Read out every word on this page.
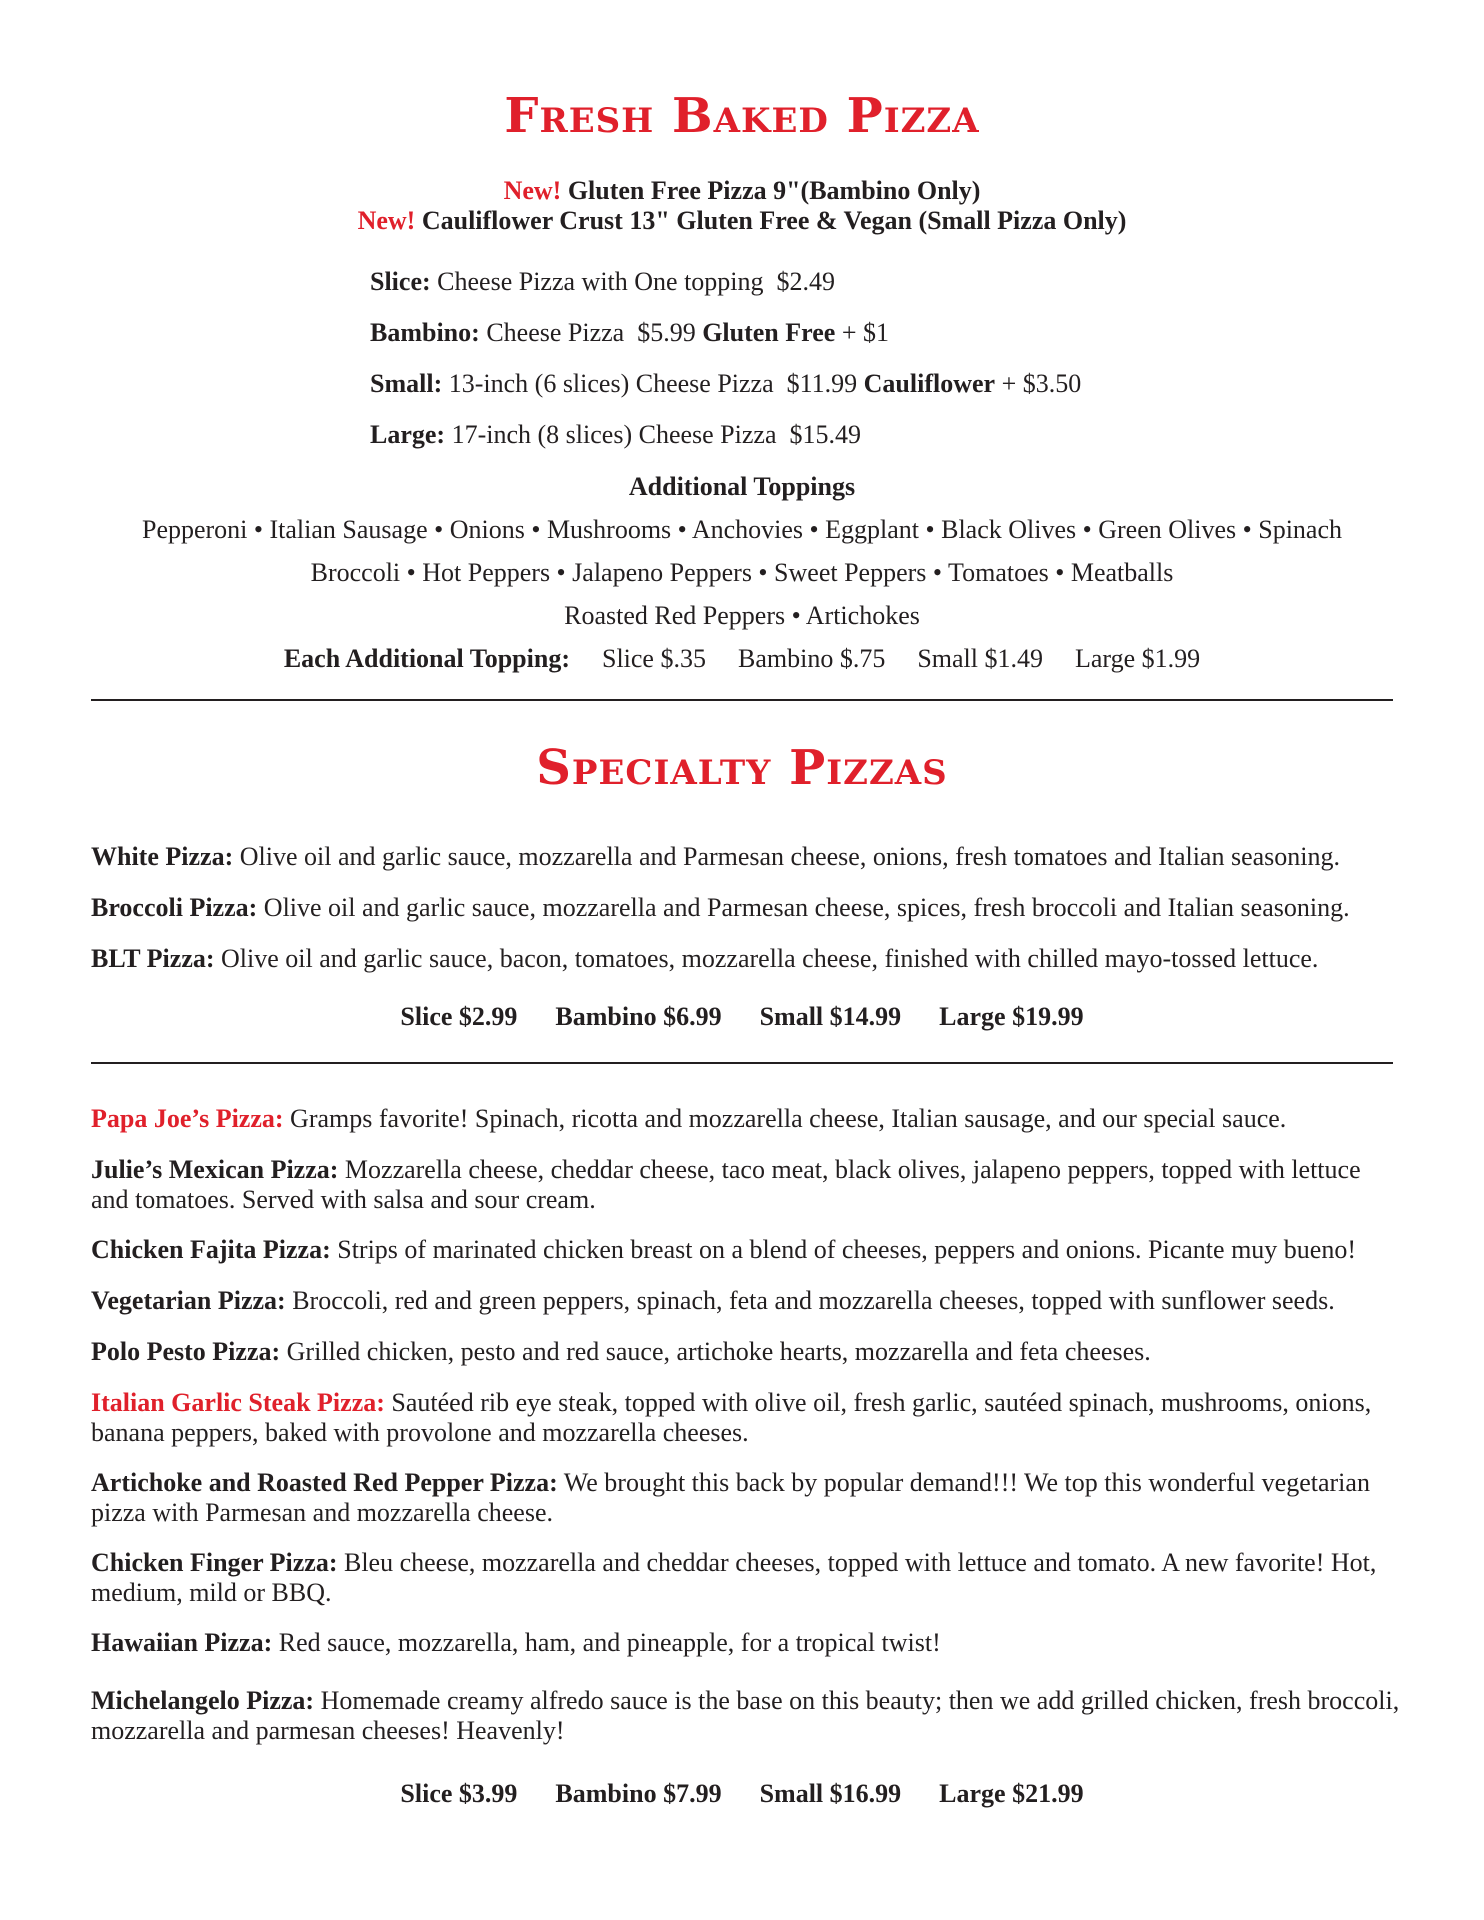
Fresh Baked Pizza
New! Gluten Free Pizza 9"(Bambino Only)
New! Cauliflower Crust 13" Gluten Free & Vegan (Small Pizza Only)
Slice: Cheese Pizza with One topping  $2.49
Bambino: Cheese Pizza  $5.99 Gluten Free + $1
Small: 13-inch (6 slices) Cheese Pizza  $11.99 Cauliflower + $3.50
Large: 17-inch (8 slices) Cheese Pizza  $15.49
Additional Toppings
Pepperoni • Italian Sausage • Onions • Mushrooms • Anchovies • Eggplant • Black Olives • Green Olives • Spinach
Broccoli • Hot Peppers • Jalapeno Peppers • Sweet Peppers • Tomatoes • Meatballs
Roasted Red Peppers • Artichokes
Each Additional Topping: Slice $.35 Bambino $.75 Small $1.49 Large $1.99
Specialty Pizzas
White Pizza: Olive oil and garlic sauce, mozzarella and Parmesan cheese, onions, fresh tomatoes and Italian seasoning.
Broccoli Pizza: Olive oil and garlic sauce, mozzarella and Parmesan cheese, spices, fresh broccoli and Italian seasoning.
BLT Pizza: Olive oil and garlic sauce, bacon, tomatoes, mozzarella cheese, finished with chilled mayo-tossed lettuce.
Slice $2.99 Bambino $6.99 Small $14.99 Large $19.99
Papa Joe’s Pizza: Gramps favorite! Spinach, ricotta and mozzarella cheese, Italian sausage, and our special sauce.
Julie’s Mexican Pizza: Mozzarella cheese, cheddar cheese, taco meat, black olives, jalapeno peppers, topped with lettuce and tomatoes. Served with salsa and sour cream.
Chicken Fajita Pizza: Strips of marinated chicken breast on a blend of cheeses, peppers and onions. Picante muy bueno!
Vegetarian Pizza: Broccoli, red and green peppers, spinach, feta and mozzarella cheeses, topped with sunflower seeds.
Polo Pesto Pizza: Grilled chicken, pesto and red sauce, artichoke hearts, mozzarella and feta cheeses.
Italian Garlic Steak Pizza: Sautéed rib eye steak, topped with olive oil, fresh garlic, sautéed spinach, mushrooms, onions, banana peppers, baked with provolone and mozzarella cheeses.
Artichoke and Roasted Red Pepper Pizza: We brought this back by popular demand!!! We top this wonderful vegetarian pizza with Parmesan and mozzarella cheese.
Chicken Finger Pizza: Bleu cheese, mozzarella and cheddar cheeses, topped with lettuce and tomato. A new favorite! Hot, medium, mild or BBQ.
Hawaiian Pizza: Red sauce, mozzarella, ham, and pineapple, for a tropical twist!
Michelangelo Pizza: Homemade creamy alfredo sauce is the base on this beauty; then we add grilled chicken, fresh broccoli, mozzarella and parmesan cheeses! Heavenly!
Slice $3.99 Bambino $7.99 Small $16.99 Large $21.99
